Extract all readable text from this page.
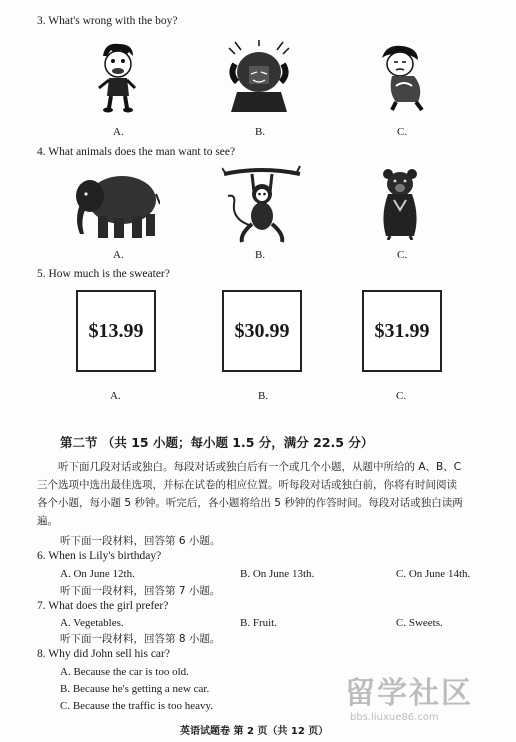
3. What's wrong with the boy?
A.	B.	C.
4. What animals does the man want to see?
A.	B.	C.
5. How much is the sweater?
$13.99	$30.99	$31.99
A.	B.	C.
第二节 （共 15 小题；每小题 1.5 分，满分 22.5 分）
听下面几段对话或独白。每段对话或独白后有一个或几个小题，从题中所给的 A、B、C
三个选项中选出最佳选项，并标在试卷的相应位置。听每段对话或独白前，你将有时间阅读
各个小题，每小题 5 秒钟。听完后，各小题将给出 5 秒钟的作答时间。每段对话或独白读两
遍。
听下面一段材料，回答第 6 小题。
6. When is Lily's birthday?
A. On June 12th.	B. On June 13th.	C. On June 14th.
听下面一段材料，回答第 7 小题。
7. What does the girl prefer?
A. Vegetables.	B. Fruit.	C. Sweets.
听下面一段材料，回答第 8 小题。
8. Why did John sell his car?
A. Because the car is too old.
B. Because he's getting a new car.
C. Because the traffic is too heavy.	留学社区
bbs.liuxue86.com
英语试题卷 第 2 页（共 12 页）
